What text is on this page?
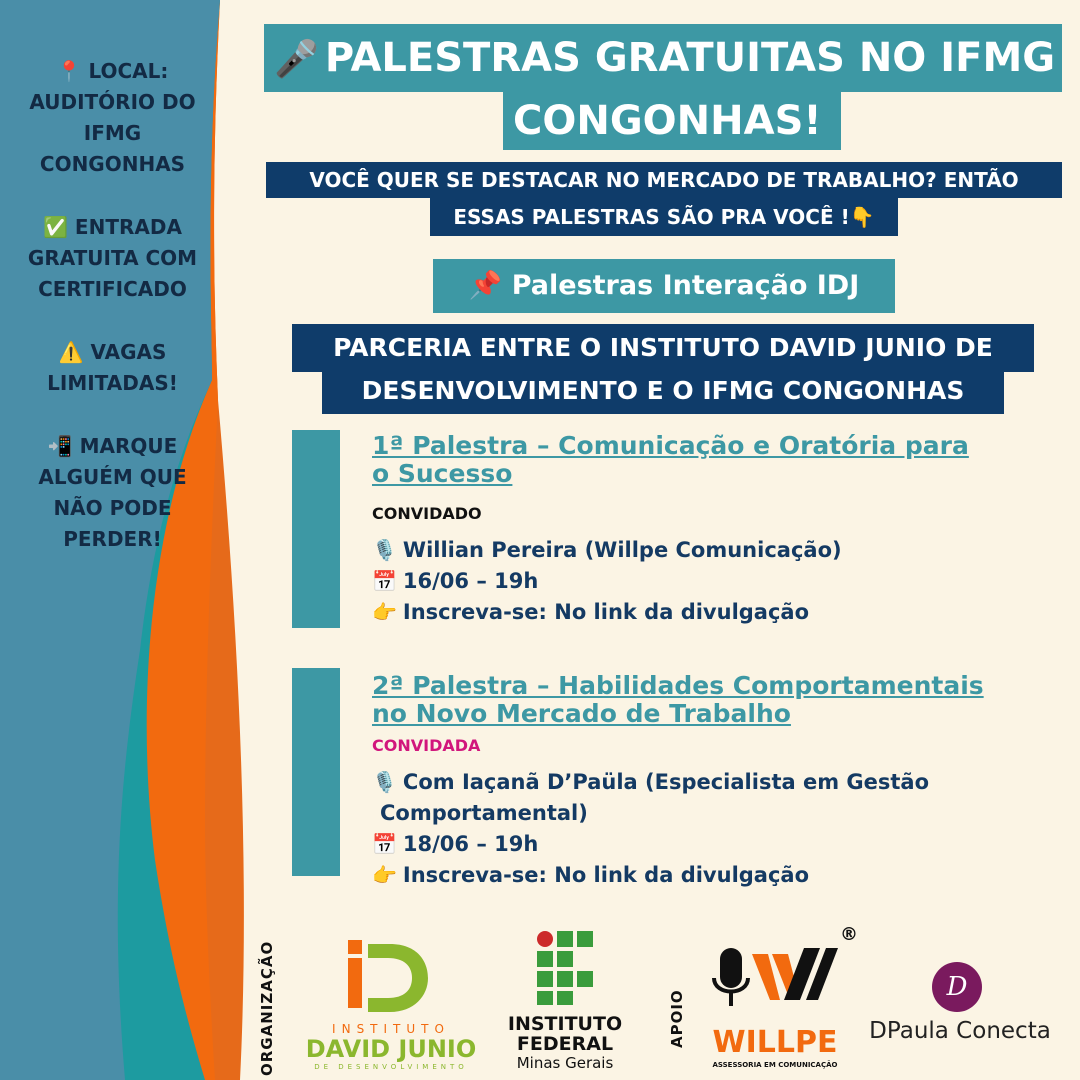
📍 LOCAL:
AUDITÓRIO DO
IFMG
CONGONHAS
✅ ENTRADA
GRATUITA COM
CERTIFICADO
⚠️ VAGAS
LIMITADAS!
📲 MARQUE
ALGUÉM QUE
NÃO PODE
PERDER!
🎤 PALESTRAS GRATUITAS NO IFMG
CONGONHAS!
VOCÊ QUER SE DESTACAR NO MERCADO DE TRABALHO? ENTÃO
ESSAS PALESTRAS SÃO PRA VOCÊ !👇
📌 Palestras Interação IDJ
PARCERIA ENTRE O INSTITUTO DAVID JUNIO DE
DESENVOLVIMENTO E O IFMG CONGONHAS
1ª Palestra – Comunicação e Oratória para
o Sucesso
CONVIDADO
🎙️ Willian Pereira (Willpe Comunicação)
📅 16/06 – 19h
👉 Inscreva-se: No link da divulgação
2ª Palestra – Habilidades Comportamentais
no Novo Mercado de Trabalho
CONVIDADA
🎙️ Com Iaçanã D’Paüla (Especialista em Gestão
Comportamental)
📅 18/06 – 19h
👉 Inscreva-se: No link da divulgação
ORGANIZAÇÃO	APOIO
INSTITUTO
DAVID JUNIO
DE DESENVOLVIMENTO
INSTITUTO
FEDERAL
Minas Gerais
®
WILLPE
ASSESSORIA EM COMUNICAÇÃO
D
DPaula Conecta
